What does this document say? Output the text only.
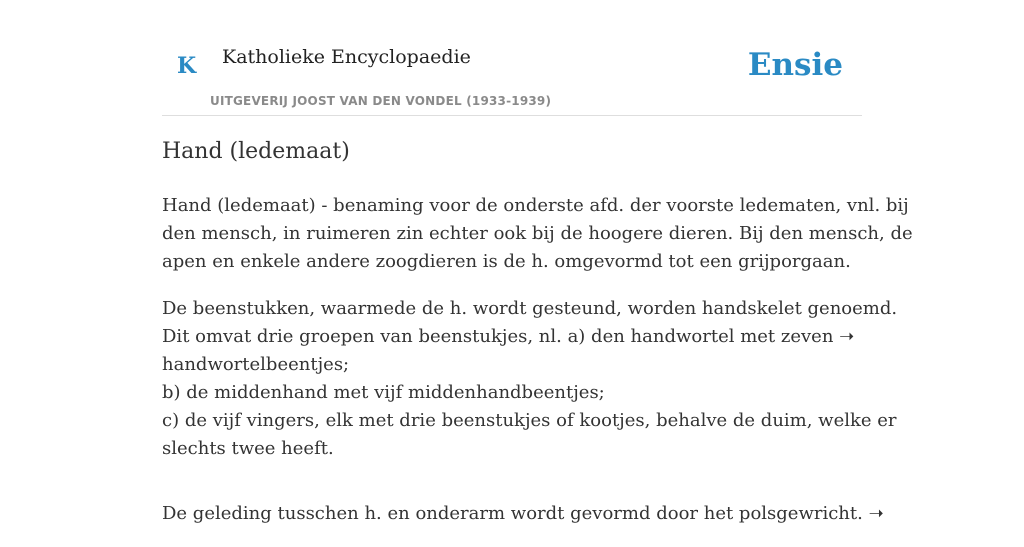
K Katholieke Encyclopaedie
UITGEVERIJ JOOST VAN DEN VONDEL (1933-1939)
Ensie
Hand (ledemaat)

Hand (ledemaat) - benaming voor de onderste afd. der voorste ledematen, vnl. bij
den mensch, in ruimeren zin echter ook bij de hoogere dieren. Bij den mensch, de
apen en enkele andere zoogdieren is de h. omgevormd tot een grijporgaan.

De beenstukken, waarmede de h. wordt gesteund, worden handskelet genoemd.
Dit omvat drie groepen van beenstukjes, nl. a) den handwortel met zeven ➝
handwortelbeentjes;
b) de middenhand met vijf middenhandbeentjes;
c) de vijf vingers, elk met drie beenstukjes of kootjes, behalve de duim, welke er
slechts twee heeft.

De geleding tusschen h. en onderarm wordt gevormd door het polsgewricht. ➝
